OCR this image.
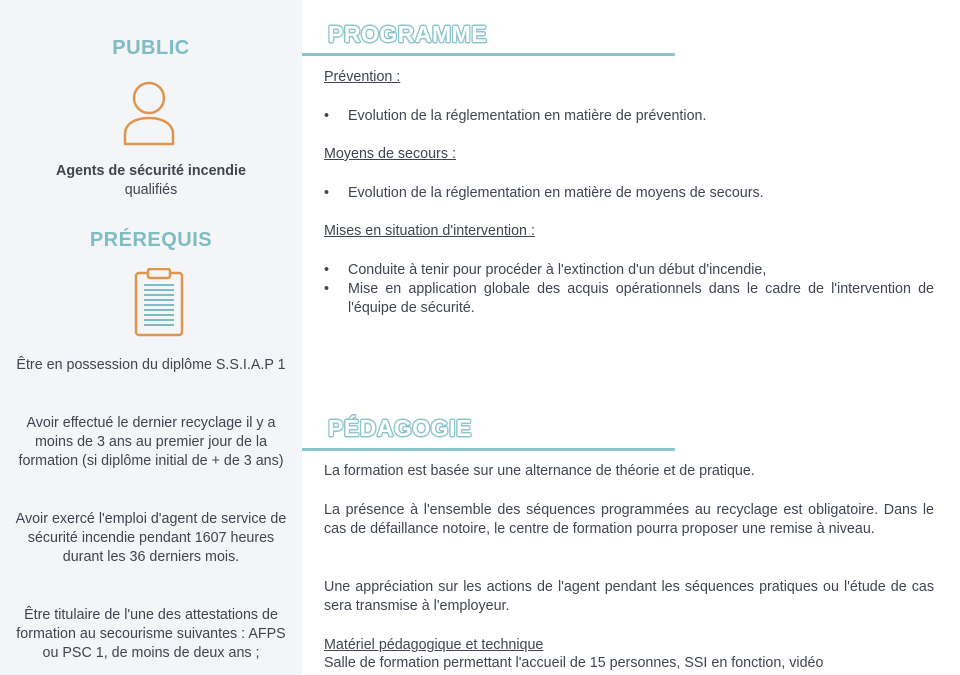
PUBLIC
Agents de sécurité incendie
qualifiés
PRÉREQUIS
Être en possession du diplôme S.S.I.A.P 1
Avoir effectué le dernier recyclage il y a moins de 3 ans au premier jour de la formation (si diplôme initial de + de 3 ans)
Avoir exercé l'emploi d'agent de service de sécurité incendie pendant 1607 heures durant les 36 derniers mois.
Être titulaire de l'une des attestations de formation au secourisme suivantes : AFPS ou PSC 1, de moins de deux ans ;
PROGRAMME
Prévention :
• Evolution de la réglementation en matière de prévention.
Moyens de secours :
• Evolution de la réglementation en matière de moyens de secours.
Mises en situation d'intervention :
• Conduite à tenir pour procéder à l'extinction d'un début d'incendie,
• Mise en application globale des acquis opérationnels dans le cadre de l'intervention de l'équipe de sécurité.
PÉDAGOGIE
La formation est basée sur une alternance de théorie et de pratique.
La présence à l'ensemble des séquences programmées au recyclage est obligatoire. Dans le cas de défaillance notoire, le centre de formation pourra proposer une remise à niveau.
Une appréciation sur les actions de l'agent pendant les séquences pratiques ou l'étude de cas sera transmise à l'employeur.
Matériel pédagogique et technique
Salle de formation permettant l'accueil de 15 personnes, SSI en fonction, vidéo
